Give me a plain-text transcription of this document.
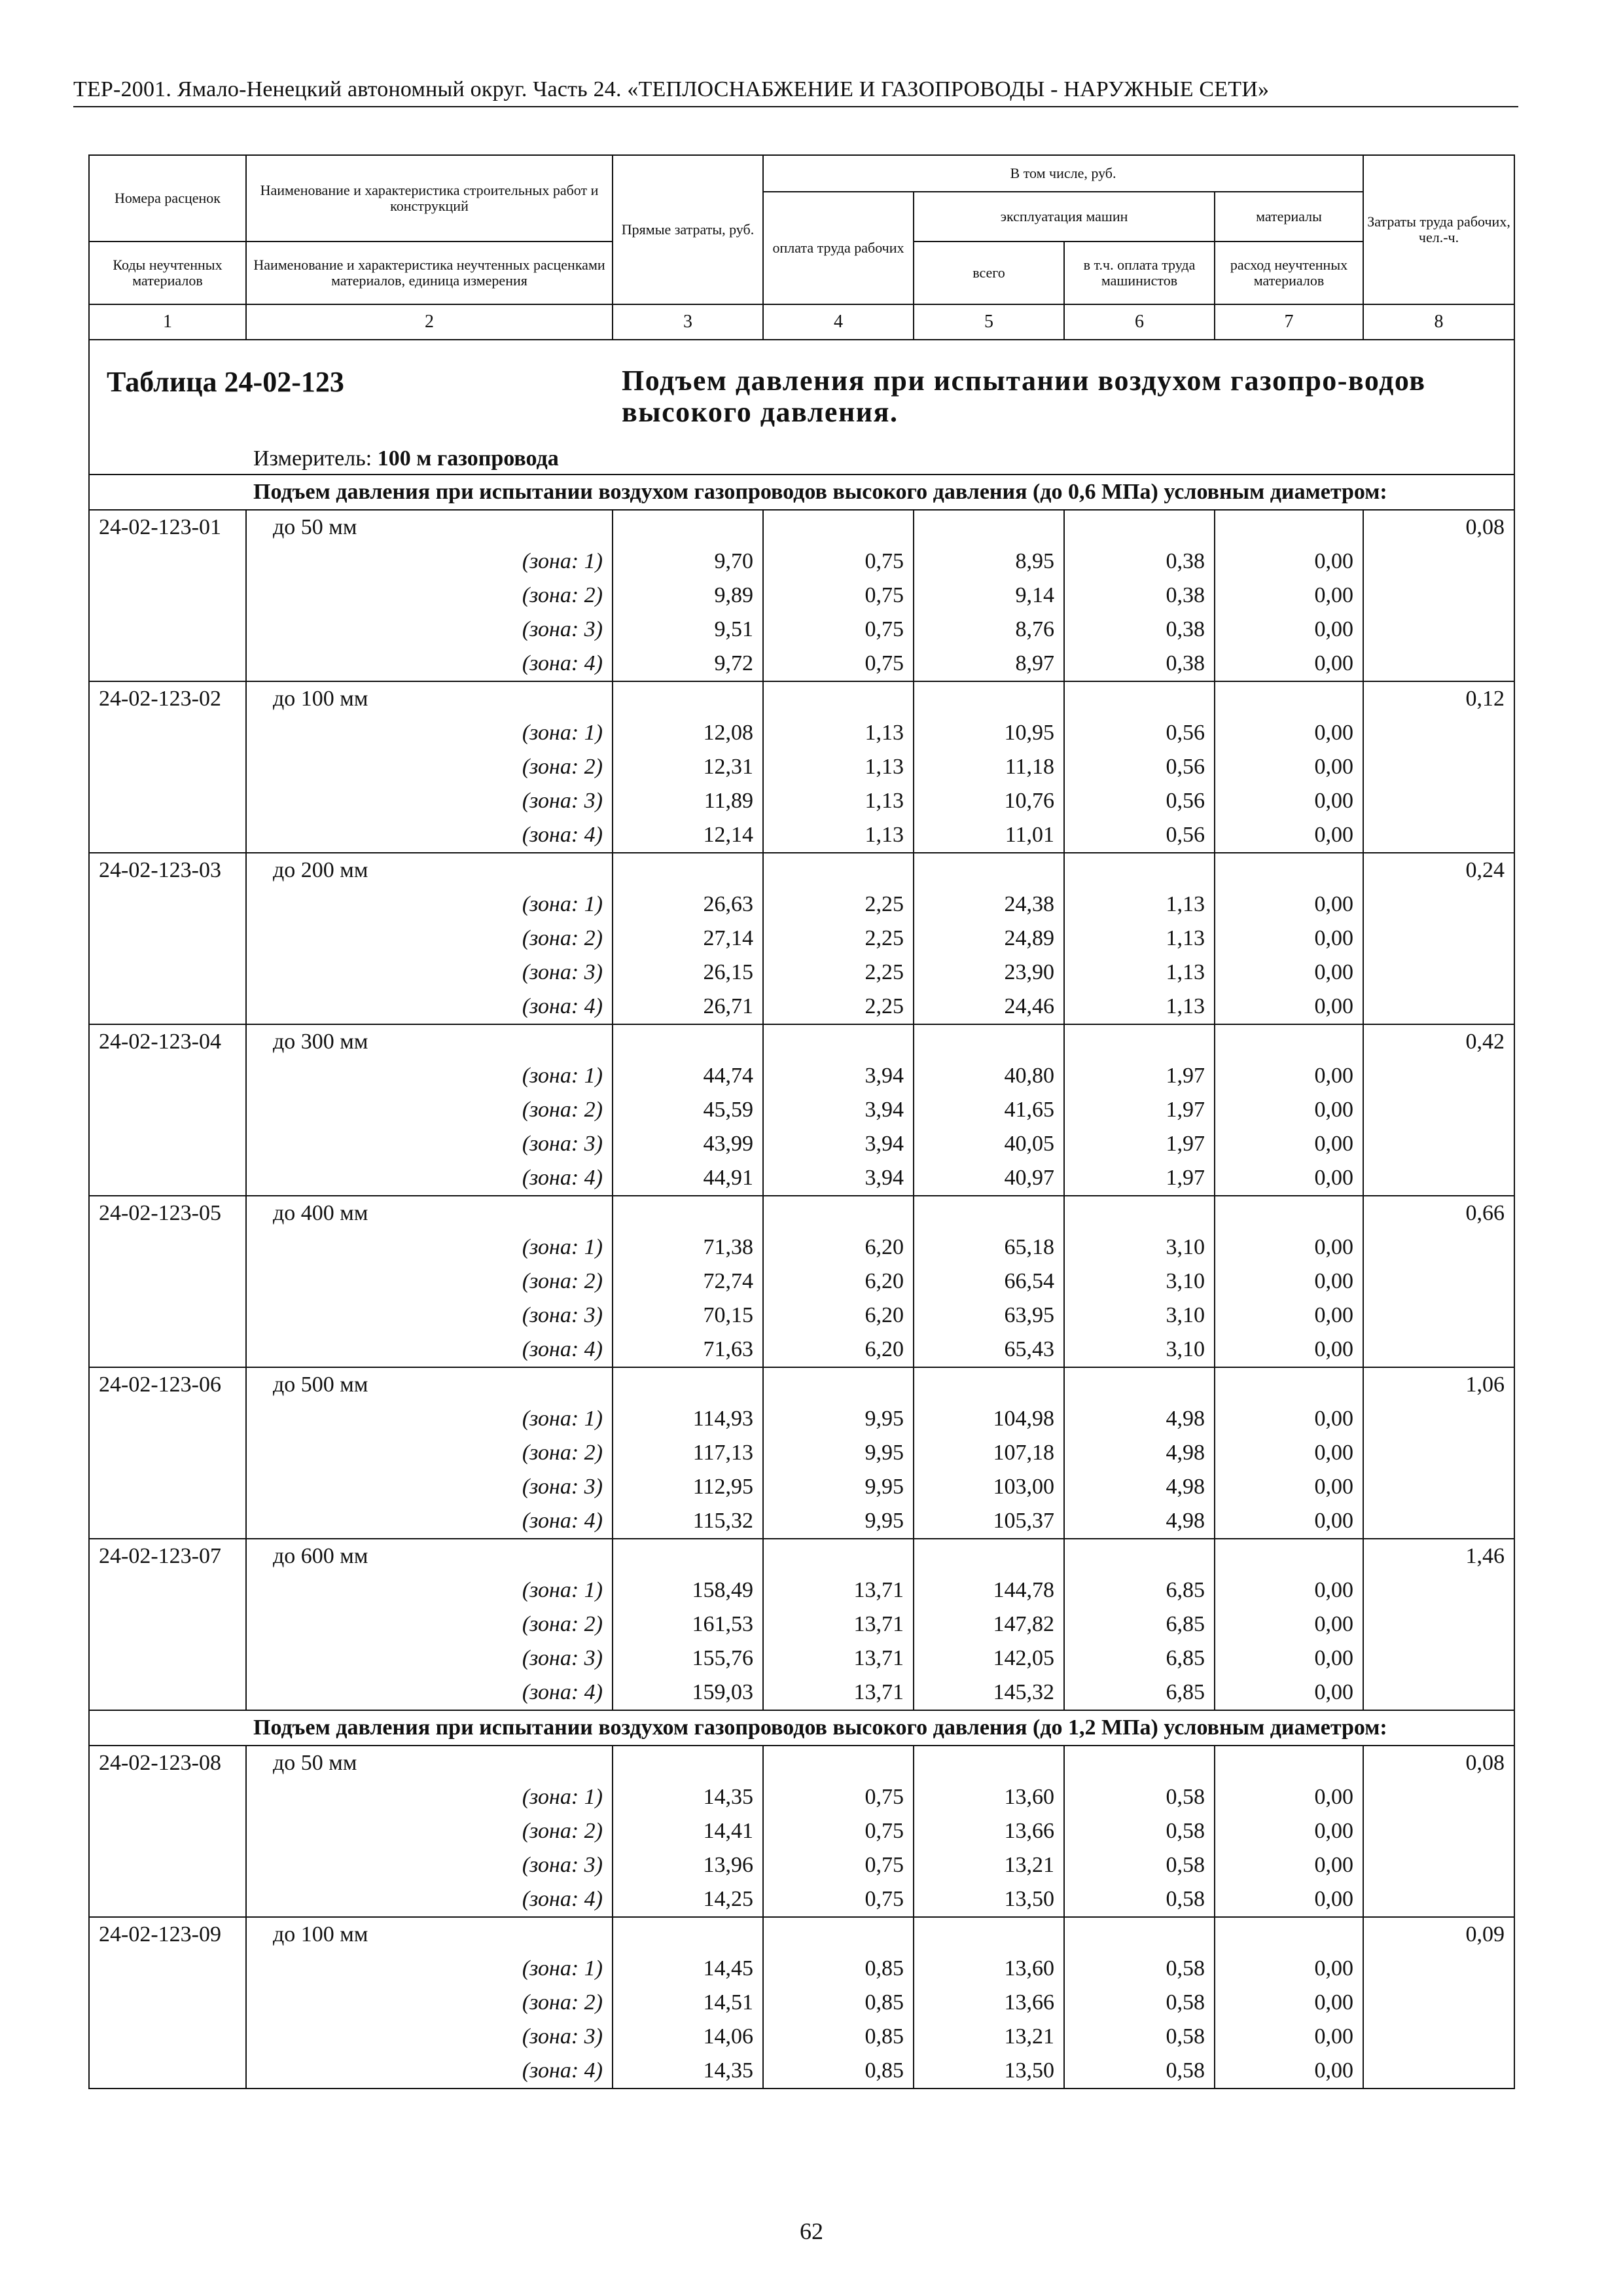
ТЕР-2001. Ямало-Ненецкий автономный округ. Часть 24. «ТЕПЛОСНАБЖЕНИЕ И ГАЗОПРОВОДЫ - НАРУЖНЫЕ СЕТИ»
Номера расценок	Наименование и характеристика строительных работ и конструкций	Прямые затраты, руб.	В том числе, руб.				Затраты труда рабочих, чел.-ч.
			оплата труда рабочих	эксплуатация машин		материалы	
Коды неучтенных материалов	Наименование и характеристика неучтенных расценками материалов, единица измерения			всего	в т.ч. оплата труда машинистов	расход неучтенных материалов	
1	2	3	4	5	6	7	8

Таблица 24-02-123 Подъем давления при испытании воздухом газопро-водов высокого давления.
Измеритель: 100 м газопровода							

Подъем давления при испытании воздухом газопроводов высокого давления (до 0,6 МПа) условным диаметром:							
24-02-123-01	до 50 мм						0,08
	(зона: 1)	9,70	0,75	8,95	0,38	0,00	
	(зона: 2)	9,89	0,75	9,14	0,38	0,00	
	(зона: 3)	9,51	0,75	8,76	0,38	0,00	
	(зона: 4)	9,72	0,75	8,97	0,38	0,00	
24-02-123-02	до 100 мм						0,12
	(зона: 1)	12,08	1,13	10,95	0,56	0,00	
	(зона: 2)	12,31	1,13	11,18	0,56	0,00	
	(зона: 3)	11,89	1,13	10,76	0,56	0,00	
	(зона: 4)	12,14	1,13	11,01	0,56	0,00	
24-02-123-03	до 200 мм						0,24
	(зона: 1)	26,63	2,25	24,38	1,13	0,00	
	(зона: 2)	27,14	2,25	24,89	1,13	0,00	
	(зона: 3)	26,15	2,25	23,90	1,13	0,00	
	(зона: 4)	26,71	2,25	24,46	1,13	0,00	
24-02-123-04	до 300 мм						0,42
	(зона: 1)	44,74	3,94	40,80	1,97	0,00	
	(зона: 2)	45,59	3,94	41,65	1,97	0,00	
	(зона: 3)	43,99	3,94	40,05	1,97	0,00	
	(зона: 4)	44,91	3,94	40,97	1,97	0,00	
24-02-123-05	до 400 мм						0,66
	(зона: 1)	71,38	6,20	65,18	3,10	0,00	
	(зона: 2)	72,74	6,20	66,54	3,10	0,00	
	(зона: 3)	70,15	6,20	63,95	3,10	0,00	
	(зона: 4)	71,63	6,20	65,43	3,10	0,00	
24-02-123-06	до 500 мм						1,06
	(зона: 1)	114,93	9,95	104,98	4,98	0,00	
	(зона: 2)	117,13	9,95	107,18	4,98	0,00	
	(зона: 3)	112,95	9,95	103,00	4,98	0,00	
	(зона: 4)	115,32	9,95	105,37	4,98	0,00	
24-02-123-07	до 600 мм						1,46
	(зона: 1)	158,49	13,71	144,78	6,85	0,00	
	(зона: 2)	161,53	13,71	147,82	6,85	0,00	
	(зона: 3)	155,76	13,71	142,05	6,85	0,00	
	(зона: 4)	159,03	13,71	145,32	6,85	0,00	
Подъем давления при испытании воздухом газопроводов высокого давления (до 1,2 МПа) условным диаметром:							
24-02-123-08	до 50 мм						0,08
	(зона: 1)	14,35	0,75	13,60	0,58	0,00	
	(зона: 2)	14,41	0,75	13,66	0,58	0,00	
	(зона: 3)	13,96	0,75	13,21	0,58	0,00	
	(зона: 4)	14,25	0,75	13,50	0,58	0,00	
24-02-123-09	до 100 мм						0,09
	(зона: 1)	14,45	0,85	13,60	0,58	0,00	
	(зона: 2)	14,51	0,85	13,66	0,58	0,00	
	(зона: 3)	14,06	0,85	13,21	0,58	0,00	
	(зона: 4)	14,35	0,85	13,50	0,58	0,00	
62
